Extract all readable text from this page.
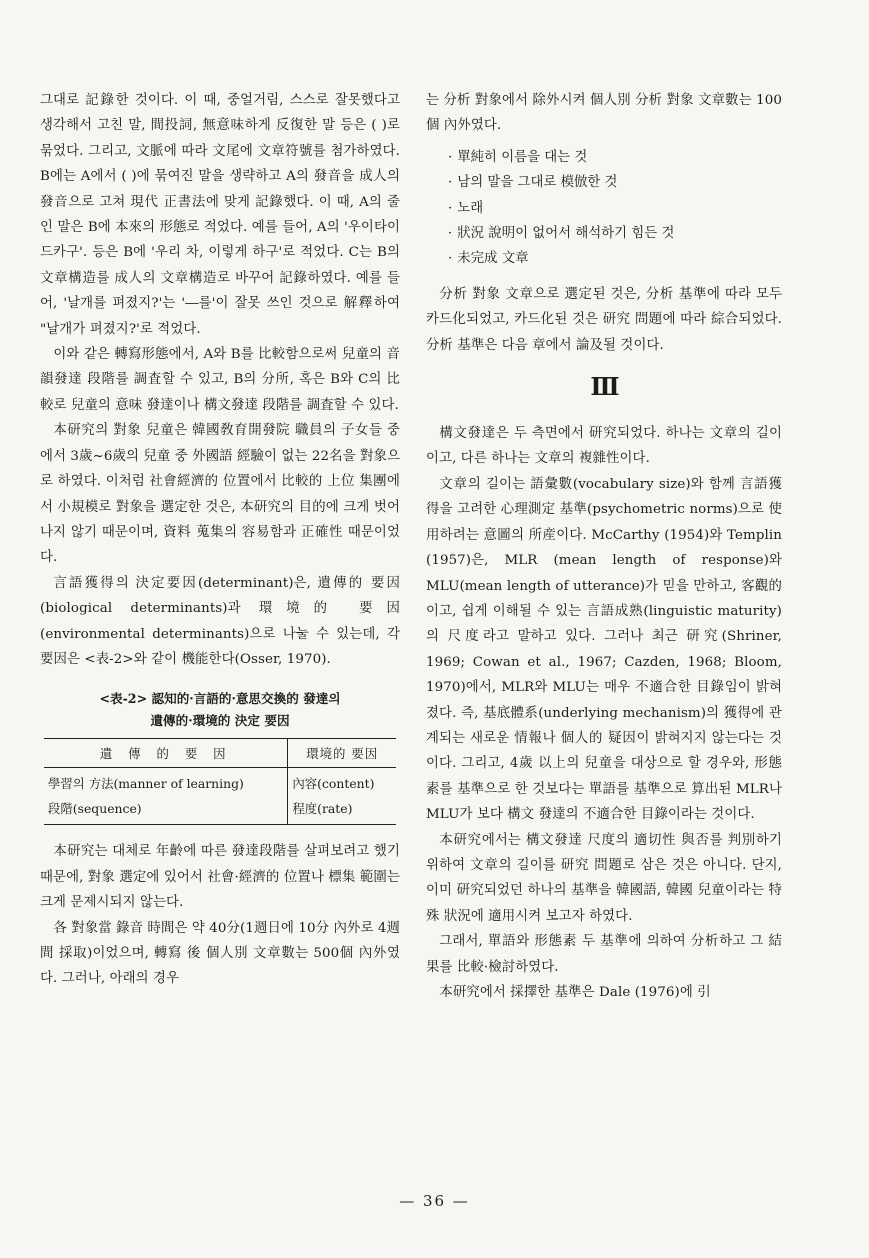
그대로 記錄한 것이다. 이 때, 중얼거림, 스스로 잘못했다고 생각해서 고친 말, 間投詞, 無意味하게 反復한 말 등은 ( )로 묶었다. 그리고, 文脈에 따라 文尾에 文章符號를 첨가하였다. B에는 A에서 ( )에 묶여진 말을 생략하고 A의 發音을 成人의 發音으로 고쳐 現代 正書法에 맞게 記錄했다. 이 때, A의 줄인 말은 B에 本來의 形態로 적었다. 예를 들어, A의 '우이타이드카구'. 등은 B에 '우리 차, 이렇게 하구'로 적었다. C는 B의 文章構造를 成人의 文章構造로 바꾸어 記錄하였다. 예를 들어, '날개를 펴졌지?'는 '―를'이 잘못 쓰인 것으로 解釋하여 "날개가 펴졌지?'로 적었다.

이와 같은 轉寫形態에서, A와 B를 比較함으로써 兒童의 音韻發達 段階를 調査할 수 있고, B의 分所, 혹은 B와 C의 比較로 兒童의 意味 發達이나 構文發達 段階를 調査할 수 있다.

本研究의 對象 兒童은 韓國敎育開發院 職員의 子女들 중에서 3歲~6歲의 兒童 중 外國語 經驗이 없는 22名을 對象으로 하였다. 이처럼 社會經濟的 位置에서 比較的 上位 集團에서 小規模로 對象을 選定한 것은, 本研究의 目的에 크게 벗어나지 않기 때문이며, 資料 蒐集의 容易함과 正確性 때문이었다.

言語獲得의 決定要因(determinant)은, 遺傳的 要因(biological determinants)과 環境的 要因(environmental determinants)으로 나눌 수 있는데, 각 要因은 <表-2>와 같이 機能한다(Osser, 1970).

<表-2> 認知的·言語的·意思交換的 發達의
遺傳的·環境的 決定 要因
遺 傳 的 要 因	環境的 要因
學習의 方法(manner of learning)	內容(content)
段階(sequence)	程度(rate)

本研究는 대체로 年齡에 따른 發達段階를 살펴보려고 했기 때문에, 對象 選定에 있어서 社會·經濟的 位置나 標集 範圍는 크게 문제시되지 않는다.

各 對象當 錄音 時間은 약 40分(1週日에 10分 內外로 4週間 採取)이었으며, 轉寫 後 個人別 文章數는 500個 內外였다. 그러나, 아래의 경우

는 分析 對象에서 除外시켜 個人別 分析 對象 文章數는 100個 內外였다.

· 單純히 이름을 대는 것
· 남의 말을 그대로 模倣한 것
· 노래
· 狀況 說明이 없어서 해석하기 힘든 것
· 未完成 文章

分析 對象 文章으로 選定된 것은, 分析 基準에 따라 모두 카드化되었고, 카드化된 것은 研究 問題에 따라 綜合되었다. 分析 基準은 다음 章에서 論及될 것이다.

Ⅲ

構文發達은 두 측면에서 研究되었다. 하나는 文章의 길이이고, 다른 하나는 文章의 複雜性이다.

文章의 길이는 語彙數(vocabulary size)와 함께 言語獲得을 고려한 心理測定 基準(psychometric norms)으로 使用하려는 意圖의 所産이다. McCarthy (1954)와 Templin (1957)은, MLR (mean length of response)와 MLU(mean length of utterance)가 믿을 만하고, 客觀的이고, 쉽게 이해될 수 있는 言語成熟(linguistic maturity)의 尺度라고 말하고 있다. 그러나 최근 研究(Shriner, 1969; Cowan et al., 1967; Cazden, 1968; Bloom, 1970)에서, MLR와 MLU는 매우 不適合한 目錄임이 밝혀졌다. 즉, 基底體系(underlying mechanism)의 獲得에 관계되는 새로운 情報나 個人的 疑因이 밝혀지지 않는다는 것이다. 그리고, 4歲 以上의 兒童을 대상으로 할 경우와, 形態素를 基準으로 한 것보다는 單語를 基準으로 算出된 MLR나 MLU가 보다 構文 發達의 不適合한 目錄이라는 것이다.

本研究에서는 構文發達 尺度의 適切性 與否를 判別하기 위하여 文章의 길이를 研究 問題로 삼은 것은 아니다. 단지, 이미 研究되었던 하나의 基準을 韓國語, 韓國 兒童이라는 特殊 狀況에 適用시켜 보고자 하였다.

그래서, 單語와 形態素 두 基準에 의하여 分析하고 그 結果를 比較·檢討하였다.

本研究에서 採擇한 基準은 Dale (1976)에 引

— 36 —
